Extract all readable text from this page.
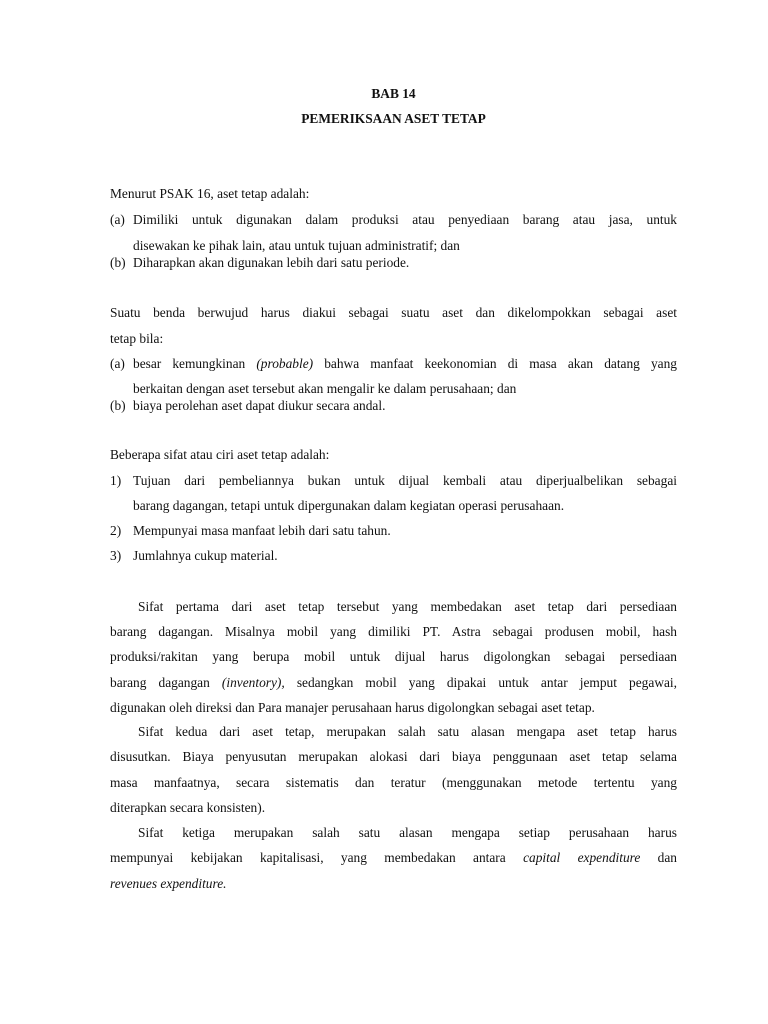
BAB 14
PEMERIKSAAN ASET TETAP
Menurut PSAK 16, aset tetap adalah:
(a) Dimiliki untuk digunakan dalam produksi atau penyediaan barang atau jasa, untuk
disewakan ke pihak lain, atau untuk tujuan administratif; dan
(b) Diharapkan akan digunakan lebih dari satu periode.
Suatu benda berwujud harus diakui sebagai suatu aset dan dikelompokkan sebagai aset
tetap bila:
(a) besar kemungkinan (probable) bahwa manfaat keekonomian di masa akan datang yang
berkaitan dengan aset tersebut akan mengalir ke dalam perusahaan; dan
(b) biaya perolehan aset dapat diukur secara andal.
Beberapa sifat atau ciri aset tetap adalah:
1) Tujuan dari pembeliannya bukan untuk dijual kembali atau diperjualbelikan sebagai
barang dagangan, tetapi untuk dipergunakan dalam kegiatan operasi perusahaan.
2) Mempunyai masa manfaat lebih dari satu tahun.
3) Jumlahnya cukup material.
Sifat pertama dari aset tetap tersebut yang membedakan aset tetap dari persediaan
barang dagangan. Misalnya mobil yang dimiliki PT. Astra sebagai produsen mobil, hash
produksi/rakitan yang berupa mobil untuk dijual harus digolongkan sebagai persediaan
barang dagangan (inventory), sedangkan mobil yang dipakai untuk antar jemput pegawai,
digunakan oleh direksi dan Para manajer perusahaan harus digolongkan sebagai aset tetap.
Sifat kedua dari aset tetap, merupakan salah satu alasan mengapa aset tetap harus
disusutkan. Biaya penyusutan merupakan alokasi dari biaya penggunaan aset tetap selama
masa manfaatnya, secara sistematis dan teratur (menggunakan metode tertentu yang
diterapkan secara konsisten).
Sifat ketiga merupakan salah satu alasan mengapa setiap perusahaan harus
mempunyai kebijakan kapitalisasi, yang membedakan antara capital expenditure dan
revenues expenditure.
